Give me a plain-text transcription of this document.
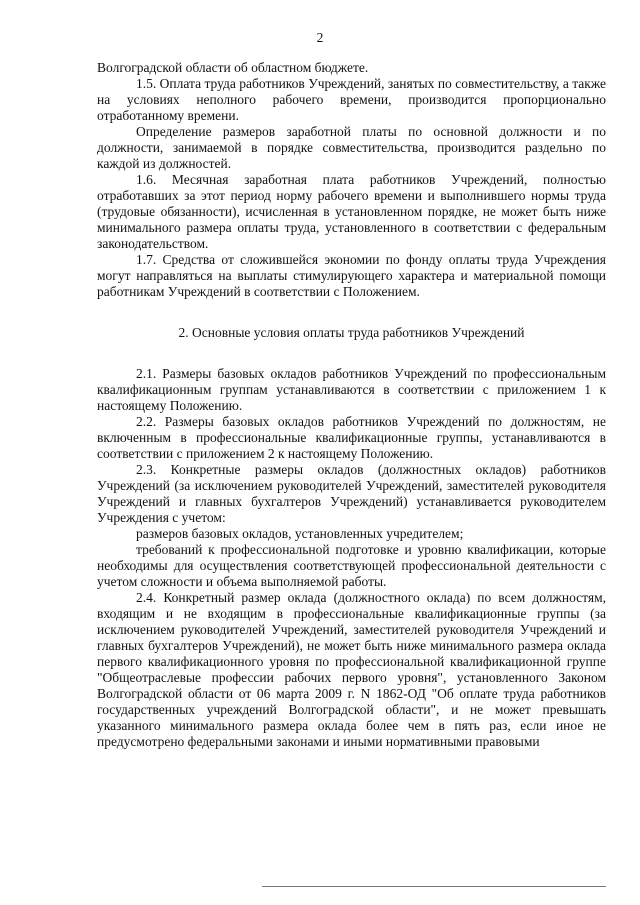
2

Волгоградской области об областном бюджете.

1.5. Оплата труда работников Учреждений, занятых по совместительству, а также на условиях неполного рабочего времени, производится пропорционально отработанному времени.

Определение размеров заработной платы по основной должности и по должности, занимаемой в порядке совместительства, производится раздельно по каждой из должностей.

1.6. Месячная заработная плата работников Учреждений, полностью отработавших за этот период норму рабочего времени и выполнившего нормы труда (трудовые обязанности), исчисленная в установленном порядке, не может быть ниже минимального размера оплаты труда, установленного в соответствии с федеральным законодательством.

1.7. Средства от сложившейся экономии по фонду оплаты труда Учреждения могут направляться на выплаты стимулирующего характера и материальной помощи работникам Учреждений в соответствии с Положением.

2. Основные условия оплаты труда работников Учреждений

2.1. Размеры базовых окладов работников Учреждений по профессиональным квалификационным группам устанавливаются в соответствии с приложением 1 к настоящему Положению.

2.2. Размеры базовых окладов работников Учреждений по должностям, не включенным в профессиональные квалификационные группы, устанавливаются в соответствии с приложением 2 к настоящему Положению.

2.3. Конкретные размеры окладов (должностных окладов) работников Учреждений (за исключением руководителей Учреждений, заместителей руководителя Учреждений и главных бухгалтеров Учреждений) устанавливается руководителем Учреждения с учетом:

размеров базовых окладов, установленных учредителем;

требований к профессиональной подготовке и уровню квалификации, которые необходимы для осуществления соответствующей профессиональной деятельности с учетом сложности и объема выполняемой работы.

2.4. Конкретный размер оклада (должностного оклада) по всем должностям, входящим и не входящим в профессиональные квалификационные группы (за исключением руководителей Учреждений, заместителей руководителя Учреждений и главных бухгалтеров Учреждений), не может быть ниже минимального размера оклада первого квалификационного уровня по профессиональной квалификационной группе "Общеотраслевые профессии рабочих первого уровня", установленного Законом Волгоградской области от 06 марта 2009 г. N 1862-ОД "Об оплате труда работников государственных учреждений Волгоградской области", и не может превышать указанного минимального размера оклада более чем в пять раз, если иное не предусмотрено федеральными законами и иными нормативными правовыми
